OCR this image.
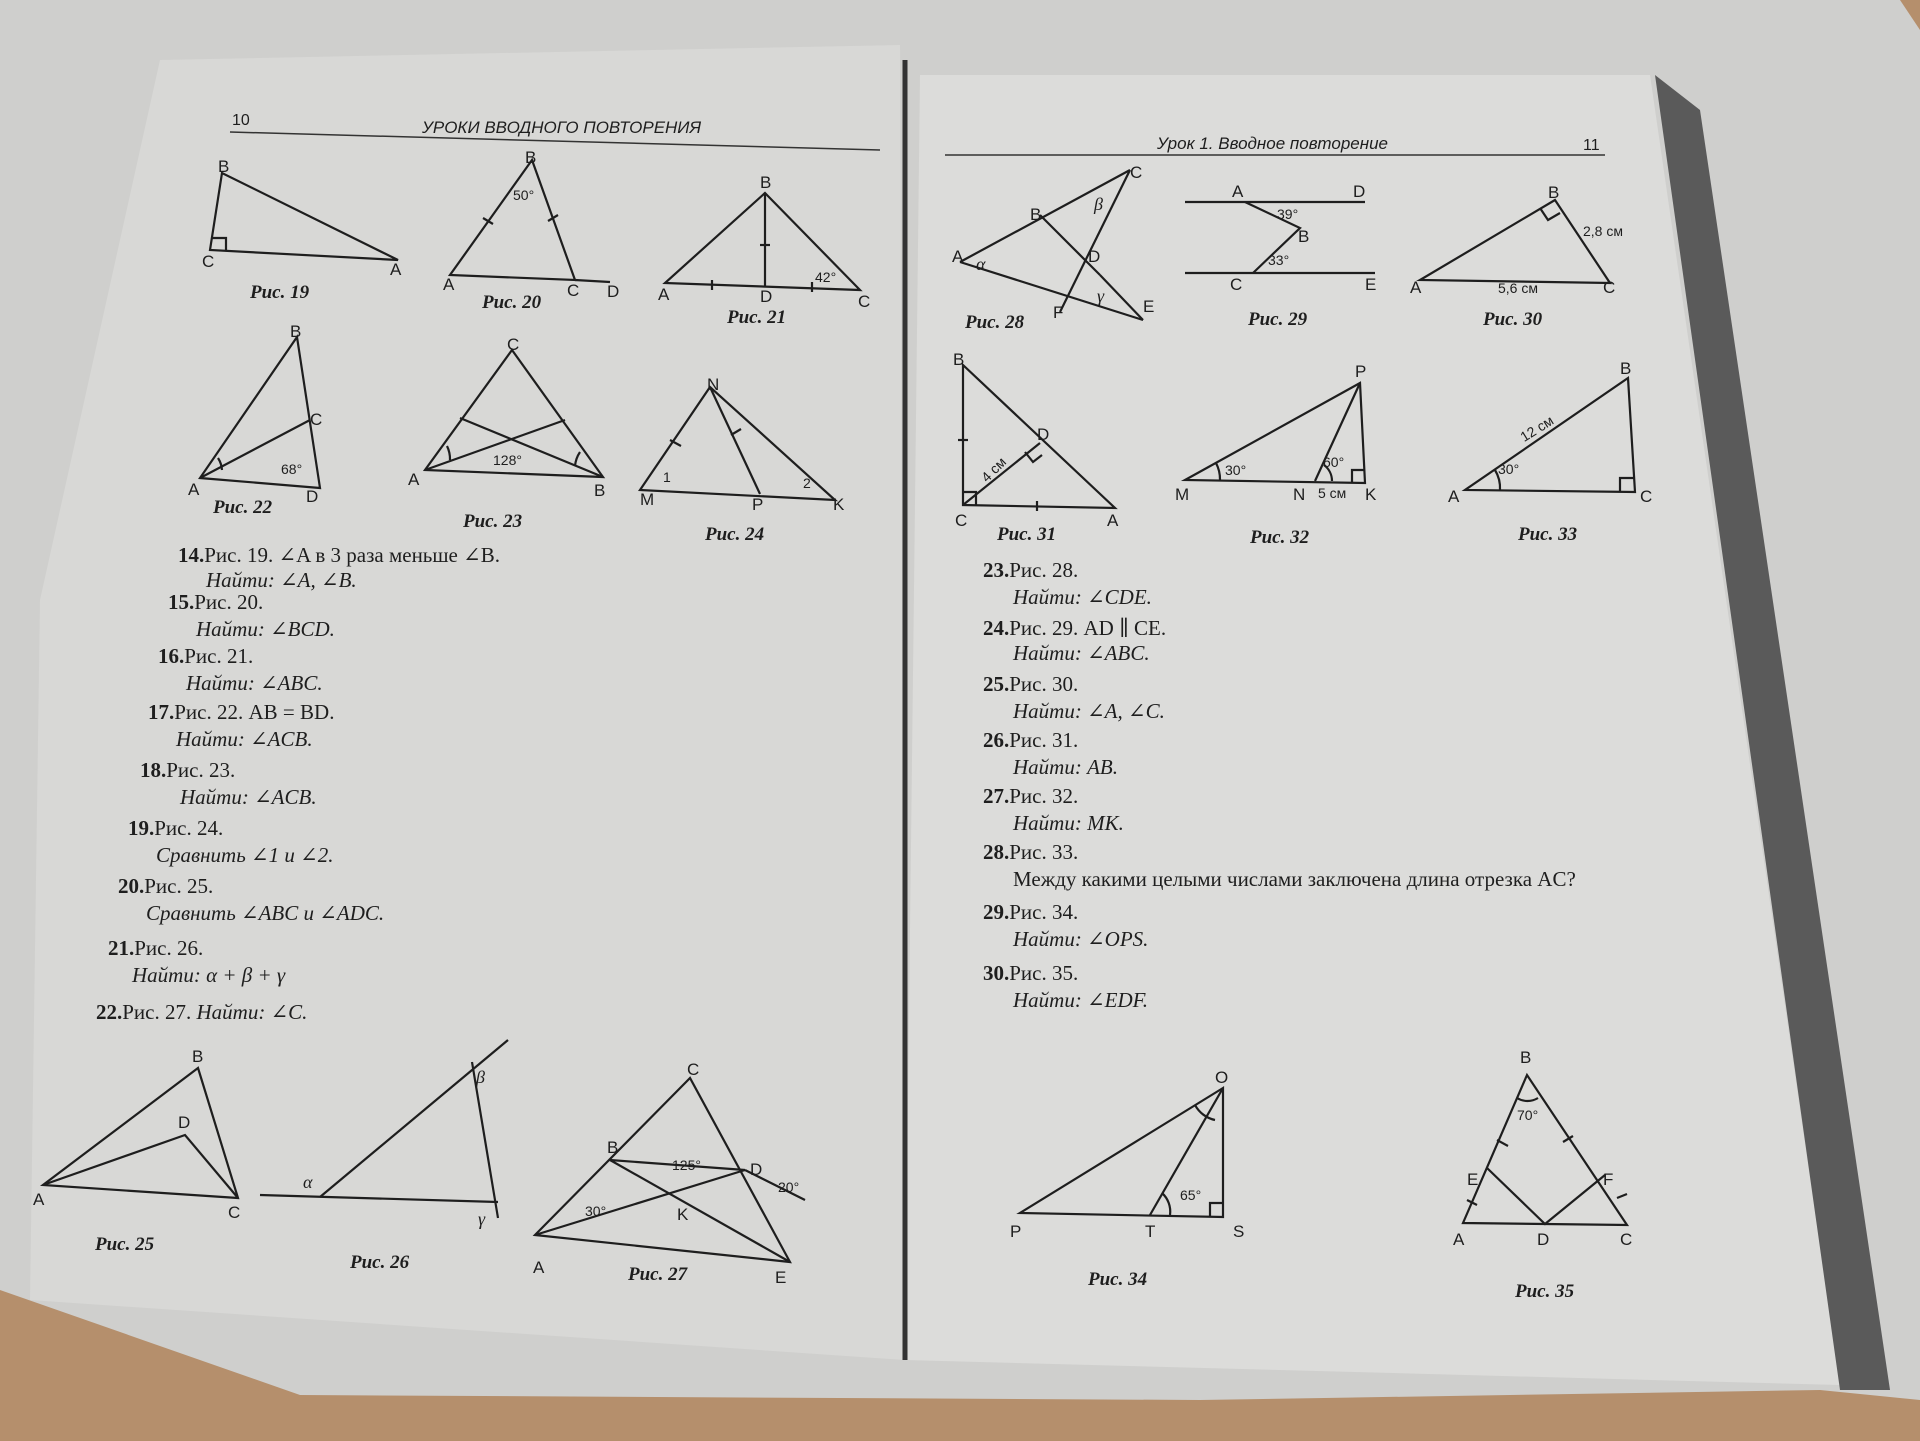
B
C	A
Рис. 19
B
A	C D
50°
Рис. 20
B
A	D	C
42°
Рис. 21
B
C
A	D
68°
Рис. 22
C
A
B
128°
Рис. 23
N
M	P	K
1	2
Рис. 24
B
D
A
C
Рис. 25
α
β
γ
Рис. 26
C
B
D
K
A
E
125°
30°
20°
Рис. 27
C
B
β
A α	D
γ
F	E
Рис. 28
A	D
B
C	E
39°
33°
Рис. 29
B
A	C
2,8 см
5,6 см
Рис. 30
B
D
C	A
4 см
Рис. 31
P
M	N	K
30°	60°
5 см
Рис. 32
B
A	C
30°
12 см
Рис. 33
O
P	T	S
65°
Рис. 34
B
E	F
A	D	C
70°
Рис. 35
10	УРОКИ ВВОДНОГО ПОВТОРЕНИЯ
Урок 1. Вводное повторение	11
14.Рис. 19. ∠A в 3 раза меньше ∠B.
Найти: ∠A, ∠B.
15.Рис. 20.
Найти: ∠BCD.
16.Рис. 21.
Найти: ∠ABC.
17.Рис. 22. AB = BD.
Найти: ∠ACB.
18.Рис. 23.
Найти: ∠ACB.
19.Рис. 24.
Сравнить ∠1 и ∠2.
20.Рис. 25.
Сравнить ∠ABC и ∠ADC.
21.Рис. 26.
Найти: α + β + γ
22.Рис. 27. Найти: ∠C.
23.Рис. 28.
Найти: ∠CDE.
24.Рис. 29. AD ∥ CE.
Найти: ∠ABC.
25.Рис. 30.
Найти: ∠A, ∠C.
26.Рис. 31.
Найти: AB.
27.Рис. 32.
Найти: MK.
28.Рис. 33.
Между какими целыми числами заключена длина отрезка AC?
29.Рис. 34.
Найти: ∠OPS.
30.Рис. 35.
Найти: ∠EDF.
